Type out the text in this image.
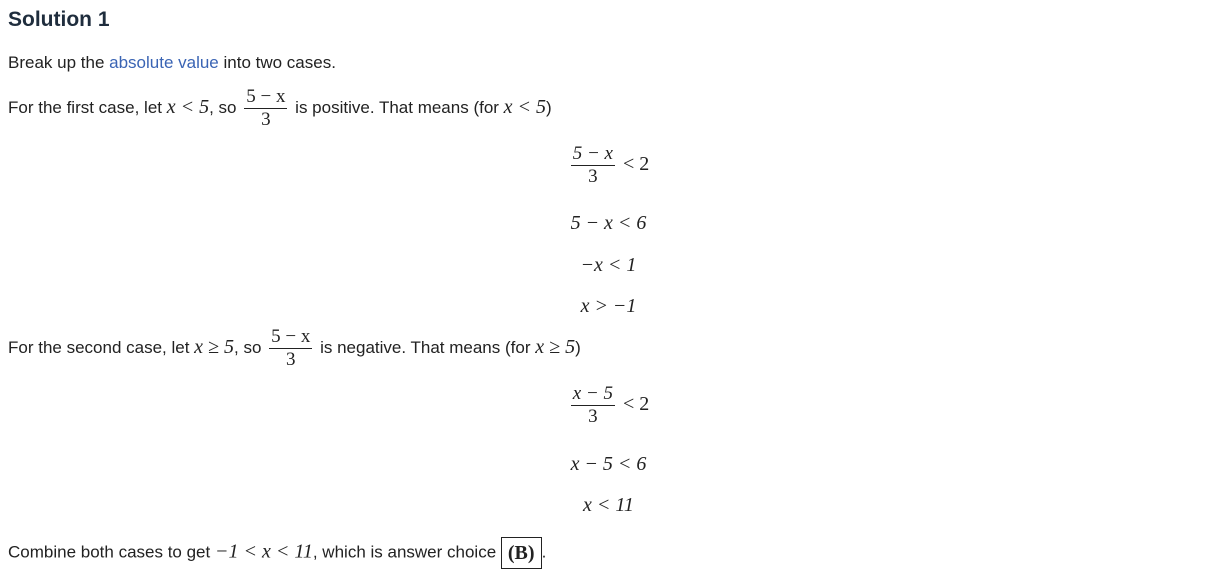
Solution 1
Break up the absolute value into two cases.
For the first case, let x < 5, so $\frac{5 - x}{3}$ is positive. That means (for x < 5)
$\frac{5 - x}{3} < 2$
5 − x < 6
−x < 1
x > −1
For the second case, let x ≥ 5, so $\frac{5 - x}{3}$ is negative. That means (for x ≥ 5)
$\frac{x - 5}{3} < 2$
x − 5 < 6
x < 11
Combine both cases to get −1 < x < 11, which is answer choice (B) .
